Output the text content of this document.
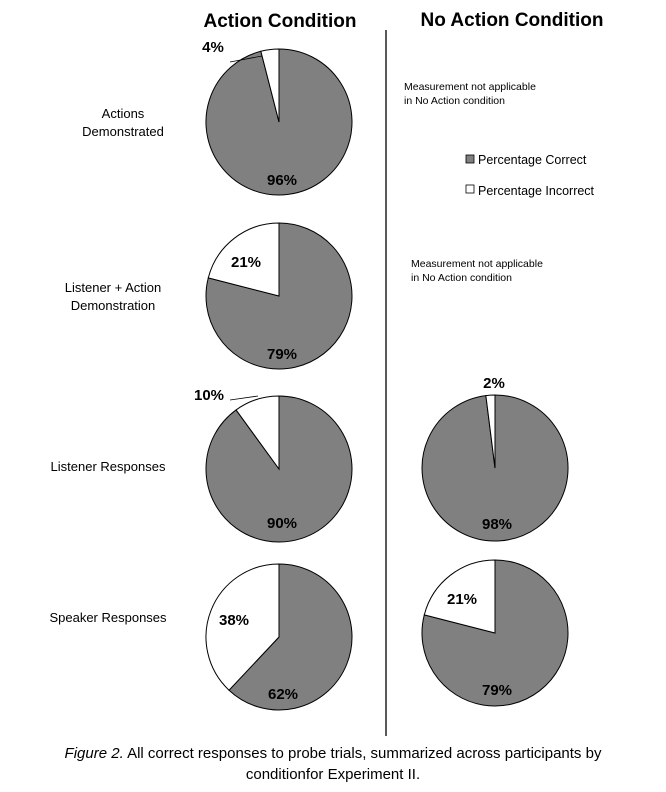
Action Condition	No Action Condition
Actions
Demonstrated
Listener + Action
Demonstration
Listener Responses
Speaker Responses
Measurement not applicable
in No Action condition
Measurement not applicable
in No Action condition
Percentage Correct
Percentage Incorrect
4%
96%
21%
79%
10%
90%
38%
62%
2%
98%
21%
79%
Figure 2. All correct responses to probe trials, summarized across participants by
conditionfor Experiment II.
